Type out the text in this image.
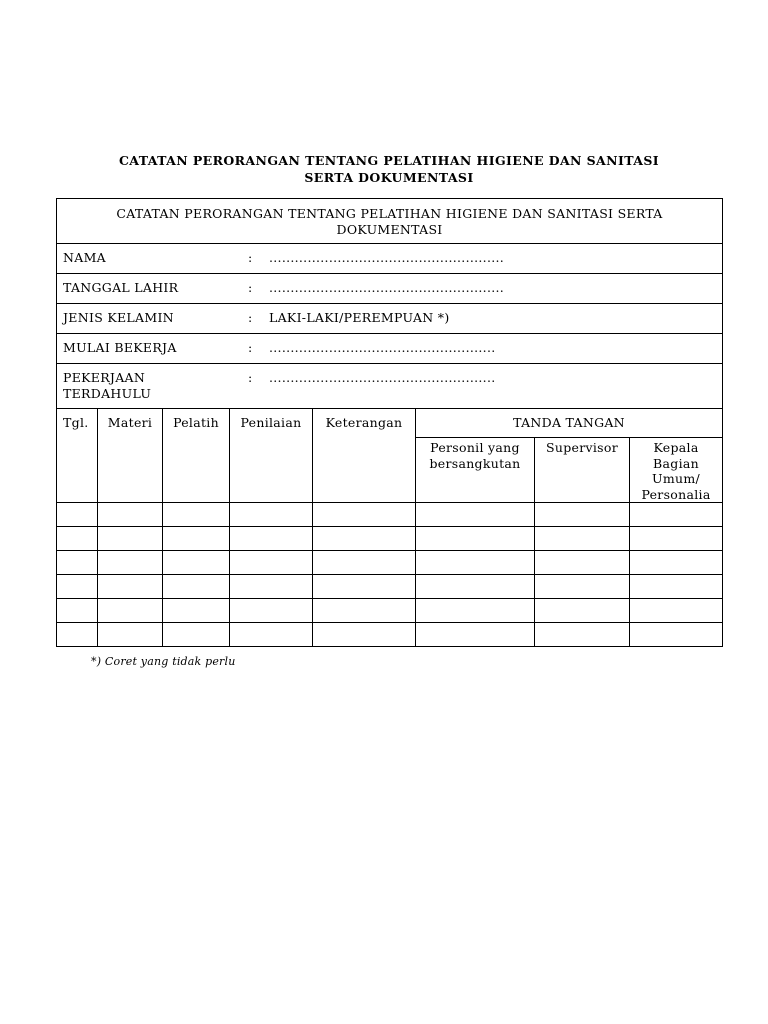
CATATAN PERORANGAN TENTANG PELATIHAN HIGIENE DAN SANITASI
SERTA DOKUMENTASI
CATATAN PERORANGAN TENTANG PELATIHAN HIGIENE DAN SANITASI SERTA DOKUMENTASI							

NAMA : .......................................................							

TANGGAL LAHIR : .......................................................							

JENIS KELAMIN : LAKI-LAKI/PEREMPUAN *)							

MULAI BEKERJA : .....................................................							

PEKERJAAN TERDAHULU
: .....................................................							

Tgl.	Materi	Pelatih	Penilaian	Keterangan	TANDA TANGAN		
					Personil yang bersangkutan	Supervisor	Kepala Bagian Umum/ Personalia

*) Coret yang tidak perlu
